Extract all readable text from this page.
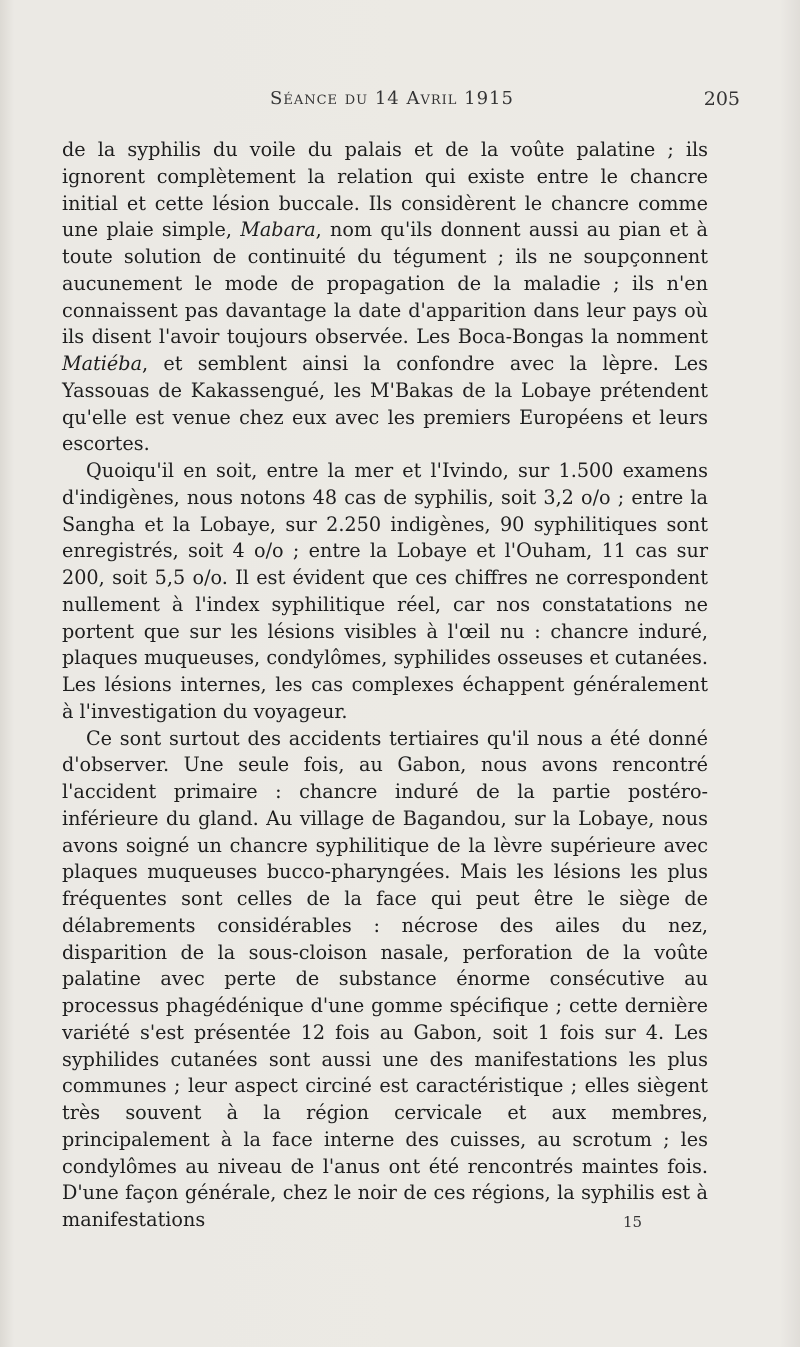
Séance du 14 Avril 1915	205

de la syphilis du voile du palais et de la voûte palatine ; ils ignorent complètement la relation qui existe entre le chancre initial et cette lésion buccale. Ils considèrent le chancre comme une plaie simple, Mabara, nom qu'ils donnent aussi au pian et à toute solution de continuité du tégument ; ils ne soupçonnent aucunement le mode de propagation de la maladie ; ils n'en connaissent pas davantage la date d'apparition dans leur pays où ils disent l'avoir toujours observée. Les Boca-Bongas la nomment Matiéba, et semblent ainsi la confondre avec la lèpre. Les Yassouas de Kakassengué, les M'Bakas de la Lobaye prétendent qu'elle est venue chez eux avec les premiers Européens et leurs escortes.

Quoiqu'il en soit, entre la mer et l'Ivindo, sur 1.500 examens d'indigènes, nous notons 48 cas de syphilis, soit 3,2 o/o ; entre la Sangha et la Lobaye, sur 2.250 indigènes, 90 syphilitiques sont enregistrés, soit 4 o/o ; entre la Lobaye et l'Ouham, 11 cas sur 200, soit 5,5 o/o. Il est évident que ces chiffres ne correspondent nullement à l'index syphilitique réel, car nos constatations ne portent que sur les lésions visibles à l'œil nu : chancre induré, plaques muqueuses, condylômes, syphilides osseuses et cutanées. Les lésions internes, les cas complexes échappent généralement à l'investigation du voyageur.

Ce sont surtout des accidents tertiaires qu'il nous a été donné d'observer. Une seule fois, au Gabon, nous avons rencontré l'accident primaire : chancre induré de la partie postéro-inférieure du gland. Au village de Bagandou, sur la Lobaye, nous avons soigné un chancre syphilitique de la lèvre supérieure avec plaques muqueuses bucco-pharyngées. Mais les lésions les plus fréquentes sont celles de la face qui peut être le siège de délabrements considérables : nécrose des ailes du nez, disparition de la sous-cloison nasale, perforation de la voûte palatine avec perte de substance énorme consécutive au processus phagédénique d'une gomme spécifique ; cette dernière variété s'est présentée 12 fois au Gabon, soit 1 fois sur 4. Les syphilides cutanées sont aussi une des manifestations les plus communes ; leur aspect circiné est caractéristique ; elles siègent très souvent à la région cervicale et aux membres, principalement à la face interne des cuisses, au scrotum ; les condylômes au niveau de l'anus ont été rencontrés maintes fois. D'une façon générale, chez le noir de ces régions, la syphilis est à manifestations	15
